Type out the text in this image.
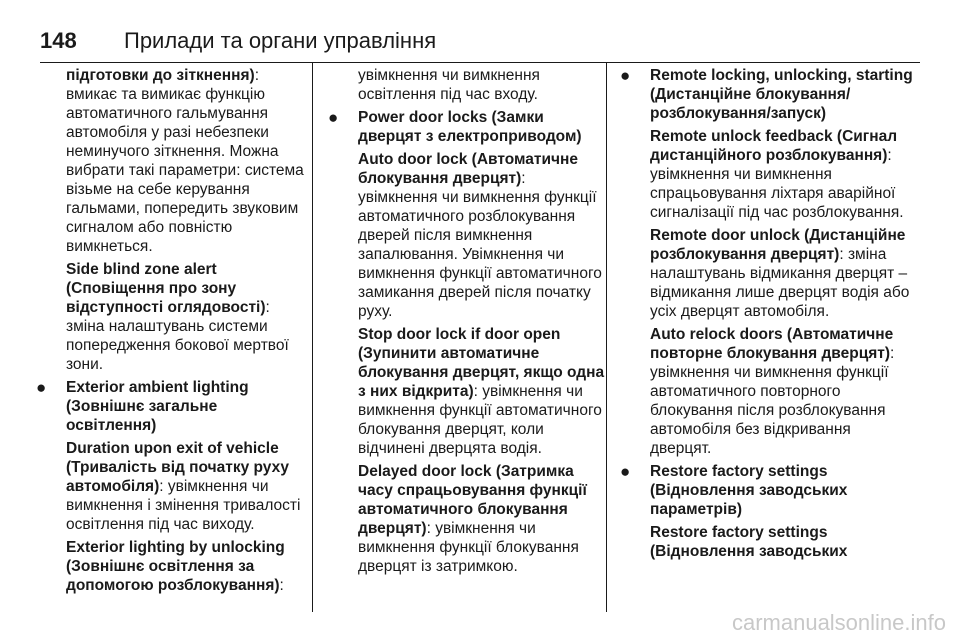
148 Прилади та органи управління

підготовки до зіткнення): вмикає та вимикає функцію автоматичного гальмування автомобіля у разі небезпеки неминучого зіткнення. Можна вибрати такі параметри: система візьме на себе керування гальмами, попередить звуковим сигналом або повністю вимкнеться.

Side blind zone alert (Сповіщення про зону відступності оглядовості): зміна налаштувань системи попередження бокової мертвої зони.

● Exterior ambient lighting (Зовнішнє загальне освітлення)

Duration upon exit of vehicle (Тривалість від початку руху автомобіля): увімкнення чи вимкнення і змінення тривалості освітлення під час виходу.

Exterior lighting by unlocking (Зовнішнє освітлення за допомогою розблокування):

увімкнення чи вимкнення освітлення під час входу.

● Power door locks (Замки дверцят з електроприводом)

Auto door lock (Автоматичне блокування дверцят): увімкнення чи вимкнення функції автоматичного розблокування дверей після вимкнення запалювання. Увімкнення чи вимкнення функції автоматичного замикання дверей після початку руху.

Stop door lock if door open (Зупинити автоматичне блокування дверцят, якщо одна з них відкрита): увімкнення чи вимкнення функції автоматичного блокування дверцят, коли відчинені дверцята водія.

Delayed door lock (Затримка часу спрацьовування функції автоматичного блокування дверцят): увімкнення чи вимкнення функції блокування дверцят із затримкою.

● Remote locking, unlocking, starting (Дистанційне блокування/розблокування/запуск)

Remote unlock feedback (Сигнал дистанційного розблокування): увімкнення чи вимкнення спрацьовування ліхтаря аварійної сигналізації під час розблокування.

Remote door unlock (Дистанційне розблокування дверцят): зміна налаштувань відмикання дверцят – відмикання лише дверцят водія або усіх дверцят автомобіля.

Auto relock doors (Автоматичне повторне блокування дверцят): увімкнення чи вимкнення функції автоматичного повторного блокування після розблокування автомобіля без відкривання дверцят.

● Restore factory settings (Відновлення заводських параметрів)

Restore factory settings (Відновлення заводських

carmanualsonline.info
